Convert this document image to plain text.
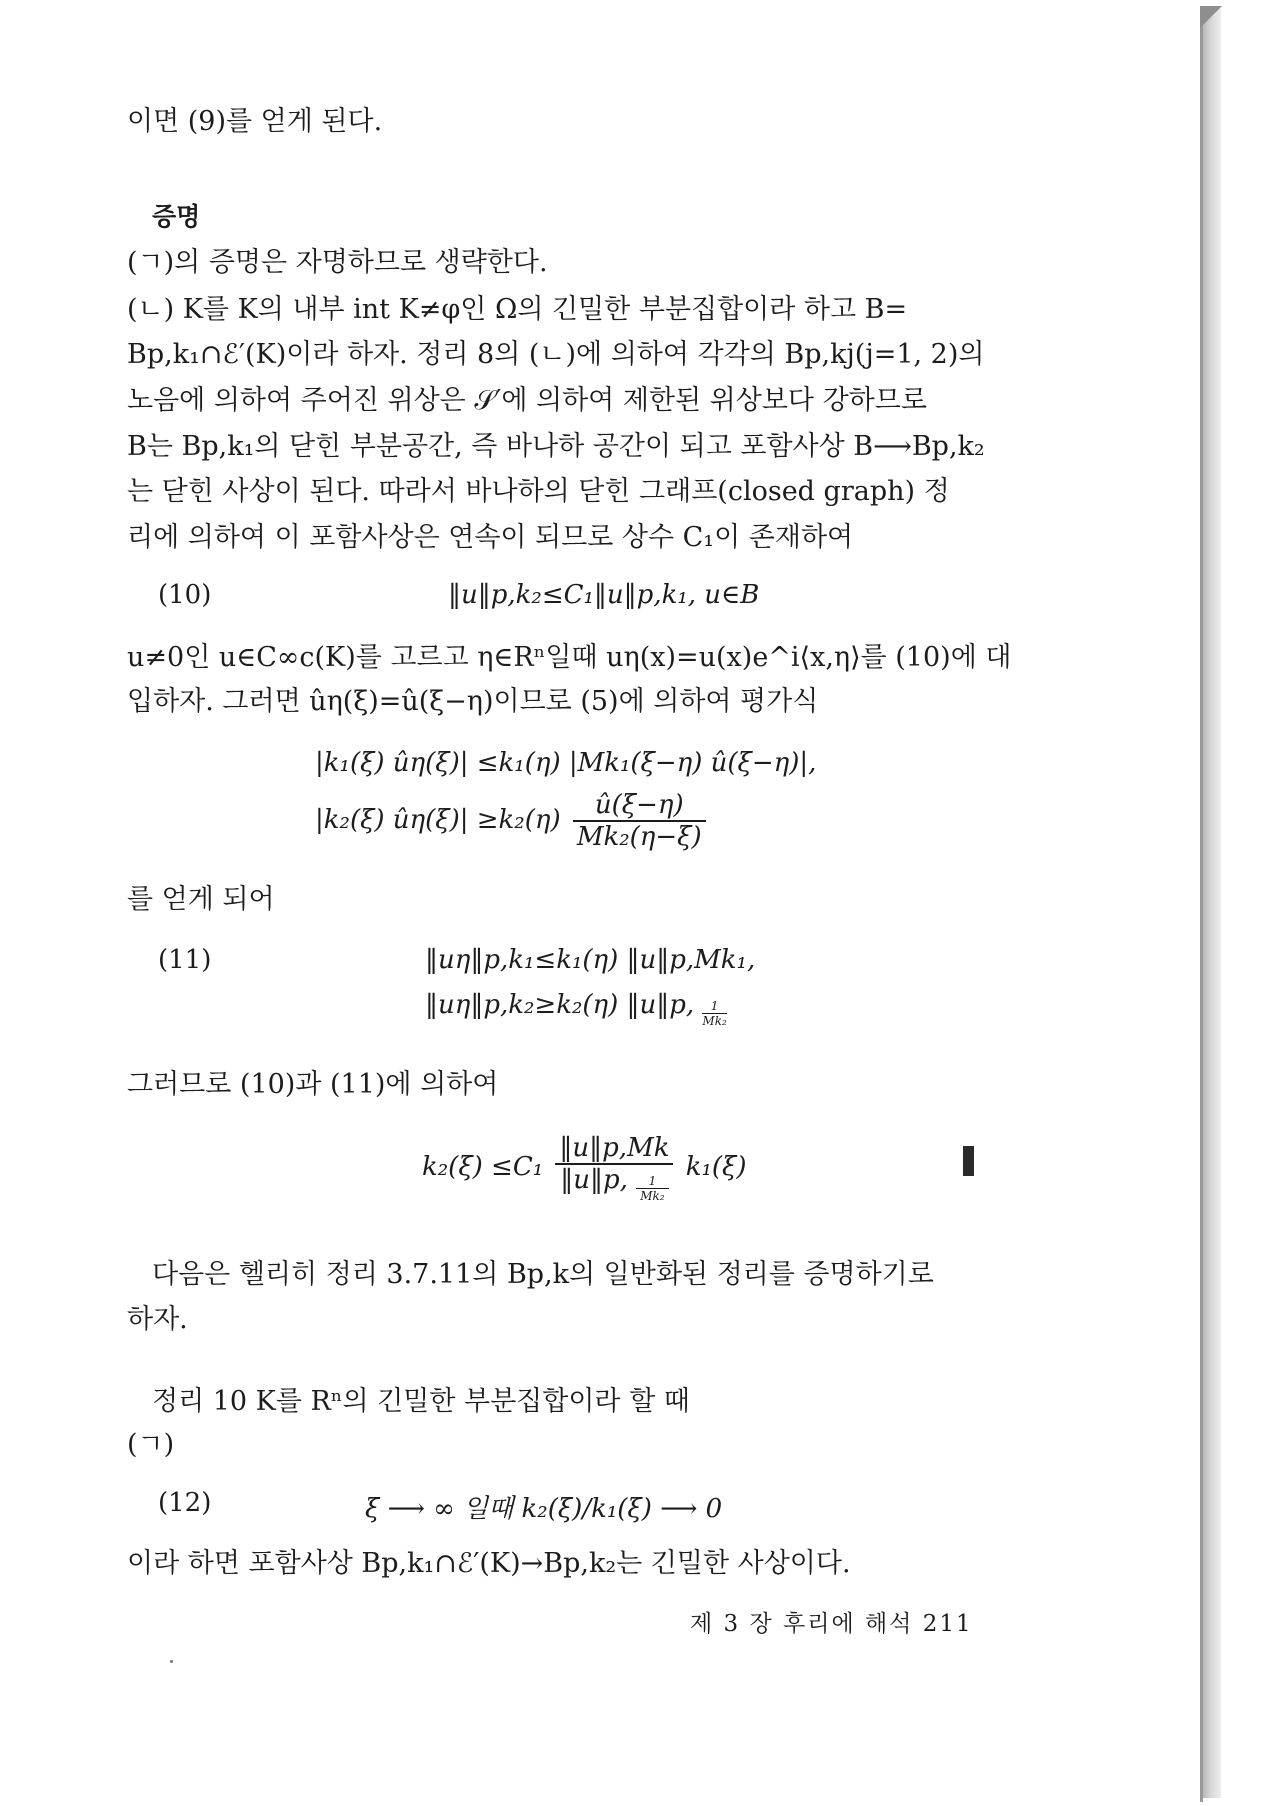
이면 (9)를 얻게 된다.
증명
(ㄱ)의 증명은 자명하므로 생략한다.
(ㄴ) K를 K의 내부 int K≠φ인 Ω의 긴밀한 부분집합이라 하고 B=
Bp,k₁∩ℰ′(K)이라 하자. 정리 8의 (ㄴ)에 의하여 각각의 Bp,kj(j=1, 2)의
노음에 의하여 주어진 위상은 𝒮′에 의하여 제한된 위상보다 강하므로
B는 Bp,k₁의 닫힌 부분공간, 즉 바나하 공간이 되고 포함사상 B⟶Bp,k₂
는 닫힌 사상이 된다. 따라서 바나하의 닫힌 그래프(closed graph) 정
리에 의하여 이 포함사상은 연속이 되므로 상수 C₁이 존재하여
(10)	‖u‖p,k₂≤C₁‖u‖p,k₁, u∈B
u≠0인 u∈C∞c(K)를 고르고 η∈Rⁿ일때 uη(x)=u(x)e^i⟨x,η⟩를 (10)에 대
입하자. 그러면 ûη(ξ)=û(ξ−η)이므로 (5)에 의하여 평가식
|k₁(ξ) ûη(ξ)| ≤k₁(η) |Mk₁(ξ−η) û(ξ−η)|,
|k₂(ξ) ûη(ξ)| $\ge k_2(\eta) \frac{û(\xi-\eta)}{\text{Mk₂(η−ξ)}}$
를 얻게 되어
(11)	‖uη‖p,k₁≤k₁(η) ‖u‖p,Mk₁,
‖uη‖p,k₂≥k₂(η) ‖u‖p, $\frac{1}{\text{Mk₂}}$
그러므로 (10)과 (11)에 의하여
$k_2(\xi) \le C_1 \frac{‖u‖p,Mk}{‖u‖p, \frac{1}{\text{Mk₂}}} k_1(\xi)$
다음은 헬리히 정리 3.7.11의 Bp,k의 일반화된 정리를 증명하기로
하자.
정리 10 K를 Rⁿ의 긴밀한 부분집합이라 할 때
(ㄱ)
(12)	ξ ⟶ ∞ 일때 k₂(ξ)/k₁(ξ) ⟶ 0
이라 하면 포함사상 Bp,k₁∩ℰ′(K)→Bp,k₂는 긴밀한 사상이다.
제 3 장 후리에 해석 211
